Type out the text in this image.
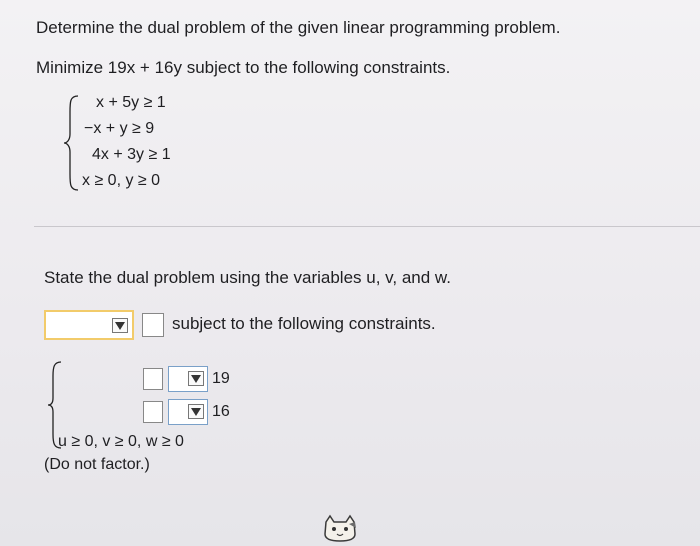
Determine the dual problem of the given linear programming problem.
Minimize 19x + 16y subject to the following constraints.
x + 5y ≥ 1
−x + y ≥ 9
4x + 3y ≥ 1
x ≥ 0, y ≥ 0
State the dual problem using the variables u, v, and w.
subject to the following constraints.
19
16
u ≥ 0, v ≥ 0, w ≥ 0
(Do not factor.)
